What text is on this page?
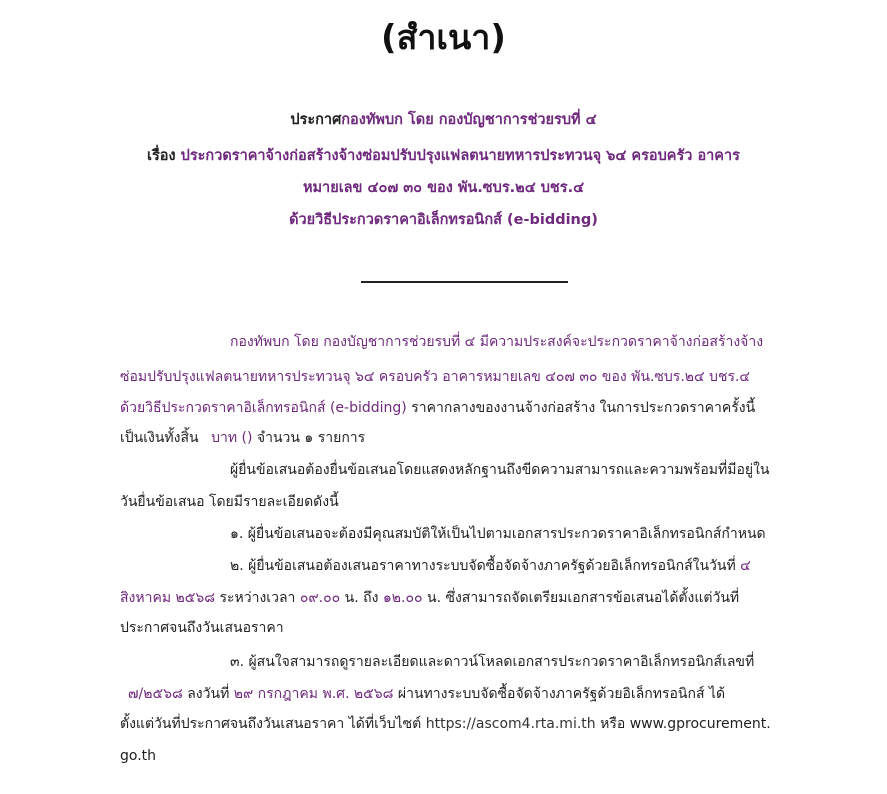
(สำเนา)
ประกาศกองทัพบก โดย กองบัญชาการช่วยรบที่ ๔
เรื่อง ประกวดราคาจ้างก่อสร้างจ้างซ่อมปรับปรุงแฟลตนายทหารประทวนจุ ๖๔ ครอบครัว อาคาร
หมายเลข ๔๐๗ ๓๐ ของ พัน.ซบร.๒๔ บชร.๔
ด้วยวิธีประกวดราคาอิเล็กทรอนิกส์ (e-bidding)
กองทัพบก โดย กองบัญชาการช่วยรบที่ ๔ มีความประสงค์จะประกวดราคาจ้างก่อสร้างจ้าง
ซ่อมปรับปรุงแฟลตนายทหารประทวนจุ ๖๔ ครอบครัว อาคารหมายเลข ๔๐๗ ๓๐ ของ พัน.ซบร.๒๔ บชร.๔
ด้วยวิธีประกวดราคาอิเล็กทรอนิกส์ (e-bidding) ราคากลางของงานจ้างก่อสร้าง ในการประกวดราคาครั้งนี้
เป็นเงินทั้งสิ้น บาท () จำนวน ๑ รายการ
ผู้ยื่นข้อเสนอต้องยื่นข้อเสนอโดยแสดงหลักฐานถึงขีดความสามารถและความพร้อมที่มีอยู่ใน
วันยื่นข้อเสนอ โดยมีรายละเอียดดังนี้
๑. ผู้ยื่นข้อเสนอจะต้องมีคุณสมบัติให้เป็นไปตามเอกสารประกวดราคาอิเล็กทรอนิกส์กำหนด
๒. ผู้ยื่นข้อเสนอต้องเสนอราคาทางระบบจัดซื้อจัดจ้างภาครัฐด้วยอิเล็กทรอนิกส์ในวันที่ ๔
สิงหาคม ๒๕๖๘ ระหว่างเวลา ๐๙.๐๐ น. ถึง ๑๒.๐๐ น. ซึ่งสามารถจัดเตรียมเอกสารข้อเสนอได้ตั้งแต่วันที่
ประกาศจนถึงวันเสนอราคา
๓. ผู้สนใจสามารถดูรายละเอียดและดาวน์โหลดเอกสารประกวดราคาอิเล็กทรอนิกส์เลขที่
๗/๒๕๖๘ ลงวันที่ ๒๙ กรกฎาคม พ.ศ. ๒๕๖๘ ผ่านทางระบบจัดซื้อจัดจ้างภาครัฐด้วยอิเล็กทรอนิกส์ ได้
ตั้งแต่วันที่ประกาศจนถึงวันเสนอราคา ได้ที่เว็บไซต์ https://ascom4.rta.mi.th หรือ www.gprocurement.
go.th
